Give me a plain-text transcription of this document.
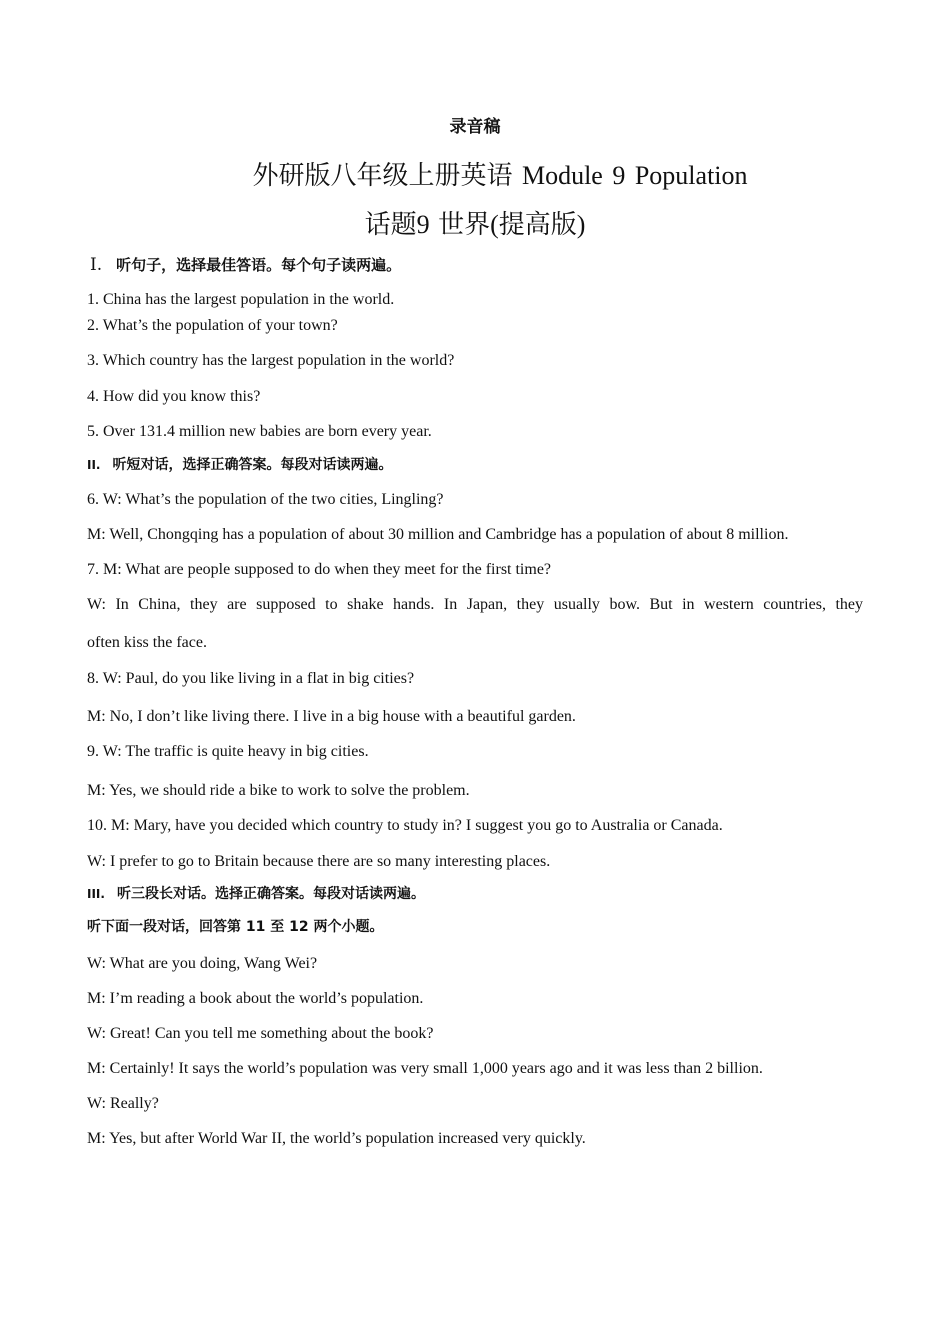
录音稿
外研版八年级上册英语 Module 9 Population
话题9 世界(提高版)
Ⅰ. 听句子，选择最佳答语。每个句子读两遍。
1. China has the largest population in the world.
2. What’s the population of your town?
3. Which country has the largest population in the world?
4. How did you know this?
5. Over 131.4 million new babies are born every year.
II. 听短对话，选择正确答案。每段对话读两遍。
6. W: What’s the population of the two cities, Lingling?
M: Well, Chongqing has a population of about 30 million and Cambridge has a population of about 8 million.
7. M: What are people supposed to do when they meet for the first time?
W: In China, they are supposed to shake hands. In Japan, they usually bow. But in western countries, they
often kiss the face.
8. W: Paul, do you like living in a flat in big cities?
M: No, I don’t like living there. I live in a big house with a beautiful garden.
9. W: The traffic is quite heavy in big cities.
M: Yes, we should ride a bike to work to solve the problem.
10. M: Mary, have you decided which country to study in? I suggest you go to Australia or Canada.
W: I prefer to go to Britain because there are so many interesting places.
III. 听三段长对话。选择正确答案。每段对话读两遍。
听下面一段对话，回答第 11 至 12 两个小题。
W: What are you doing, Wang Wei?
M: I’m reading a book about the world’s population.
W: Great! Can you tell me something about the book?
M: Certainly! It says the world’s population was very small 1,000 years ago and it was less than 2 billion.
W: Really?
M: Yes, but after World War II, the world’s population increased very quickly.
